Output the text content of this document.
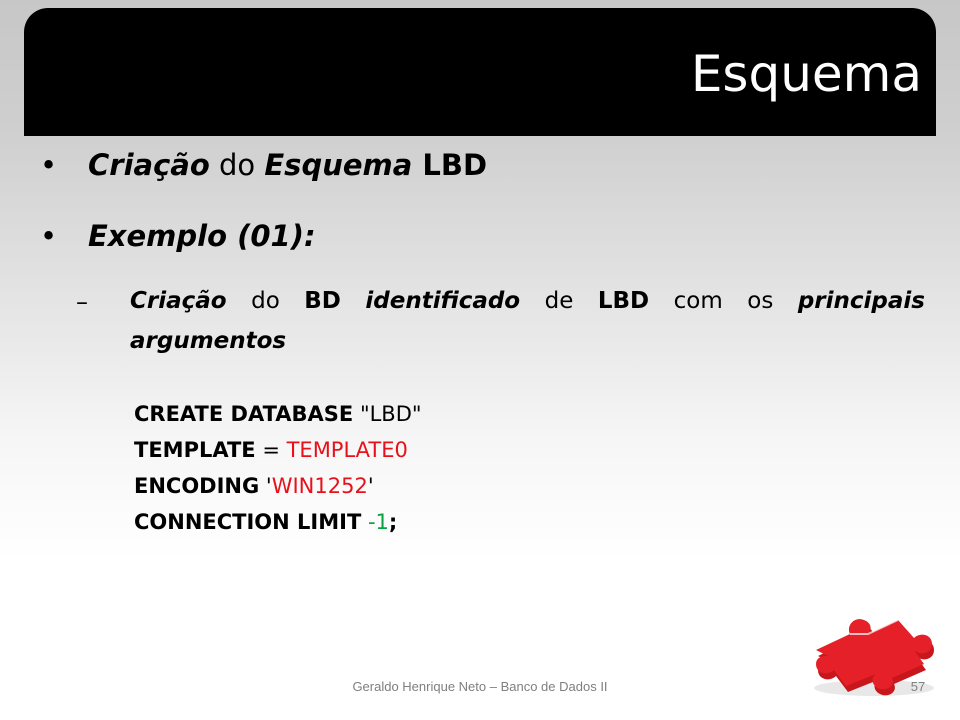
Esquema
• Criação do Esquema LBD
• Exemplo (01):
– Criação do BD identificado de LBD com os principais
argumentos
CREATE DATABASE "LBD"
TEMPLATE = TEMPLATE0
ENCODING 'WIN1252'
CONNECTION LIMIT -1;
Geraldo Henrique Neto – Banco de Dados II	57
